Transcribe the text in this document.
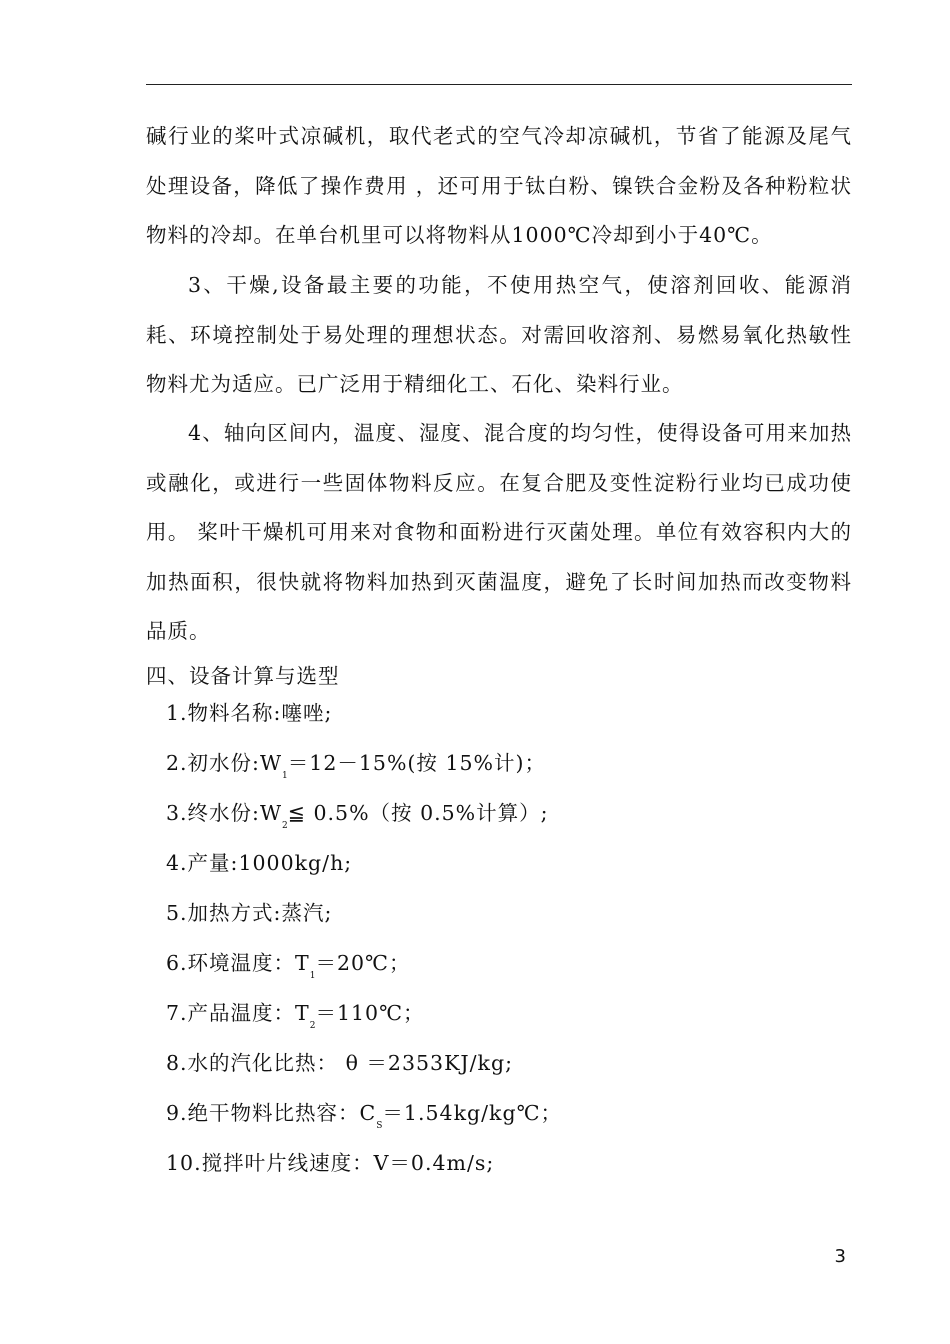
碱行业的桨叶式凉碱机，取代老式的空气冷却凉碱机，节省了能源及尾气处理设备，降低了操作费用 ，还可用于钛白粉、镍铁合金粉及各种粉粒状物料的冷却。在单台机里可以将物料从1000℃冷却到小于40℃。

3、干燥,设备最主要的功能，不使用热空气，使溶剂回收、能源消耗、环境控制处于易处理的理想状态。对需回收溶剂、易燃易氧化热敏性物料尤为适应。已广泛用于精细化工、石化、染料行业。

4、轴向区间内，温度、湿度、混合度的均匀性，使得设备可用来加热或融化，或进行一些固体物料反应。在复合肥及变性淀粉行业均已成功使用。 桨叶干燥机可用来对食物和面粉进行灭菌处理。单位有效容积内大的加热面积，很快就将物料加热到灭菌温度，避免了长时间加热而改变物料品质。

四、设备计算与选型
1.物料名称:噻唑;
2.初水份$:W_1=12-15\%$(按 15%计)；
3.终水份$:W_2≦$ 0.5%（按 0.5%计算）;
4.产量:1000kg/h;
5.加热方式:蒸汽;
6.环境温度：$T_1=20℃$；
7.产品温度：$T_2=110℃$；
8.水的汽化比热： θ ＝2353KJ/kg;
9.绝干物料比热容：$C_S=1.54kg/kg℃$；
10.搅拌叶片线速度：V＝0.4m/s;
3
